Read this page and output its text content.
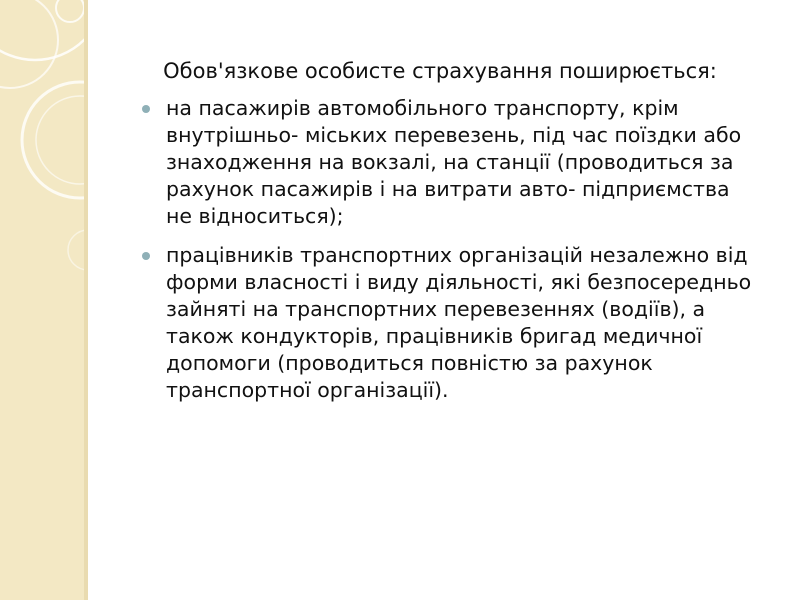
Обов'язкове особисте страхування поширюється:
на пасажирів автомобільного транспорту, крім внутрішньо- міських перевезень, під час поїздки або знаходження на вокзалі, на станції (проводиться за рахунок пасажирів і на витрати авто- підприємства не відноситься);
працівників транспортних організацій незалежно від форми власності і виду діяльності, які безпосередньо зайняті на транспортних перевезеннях (водіїв), а також кондукторів, працівників бригад медичної допомоги (проводиться повністю за рахунок транспортної організації).
